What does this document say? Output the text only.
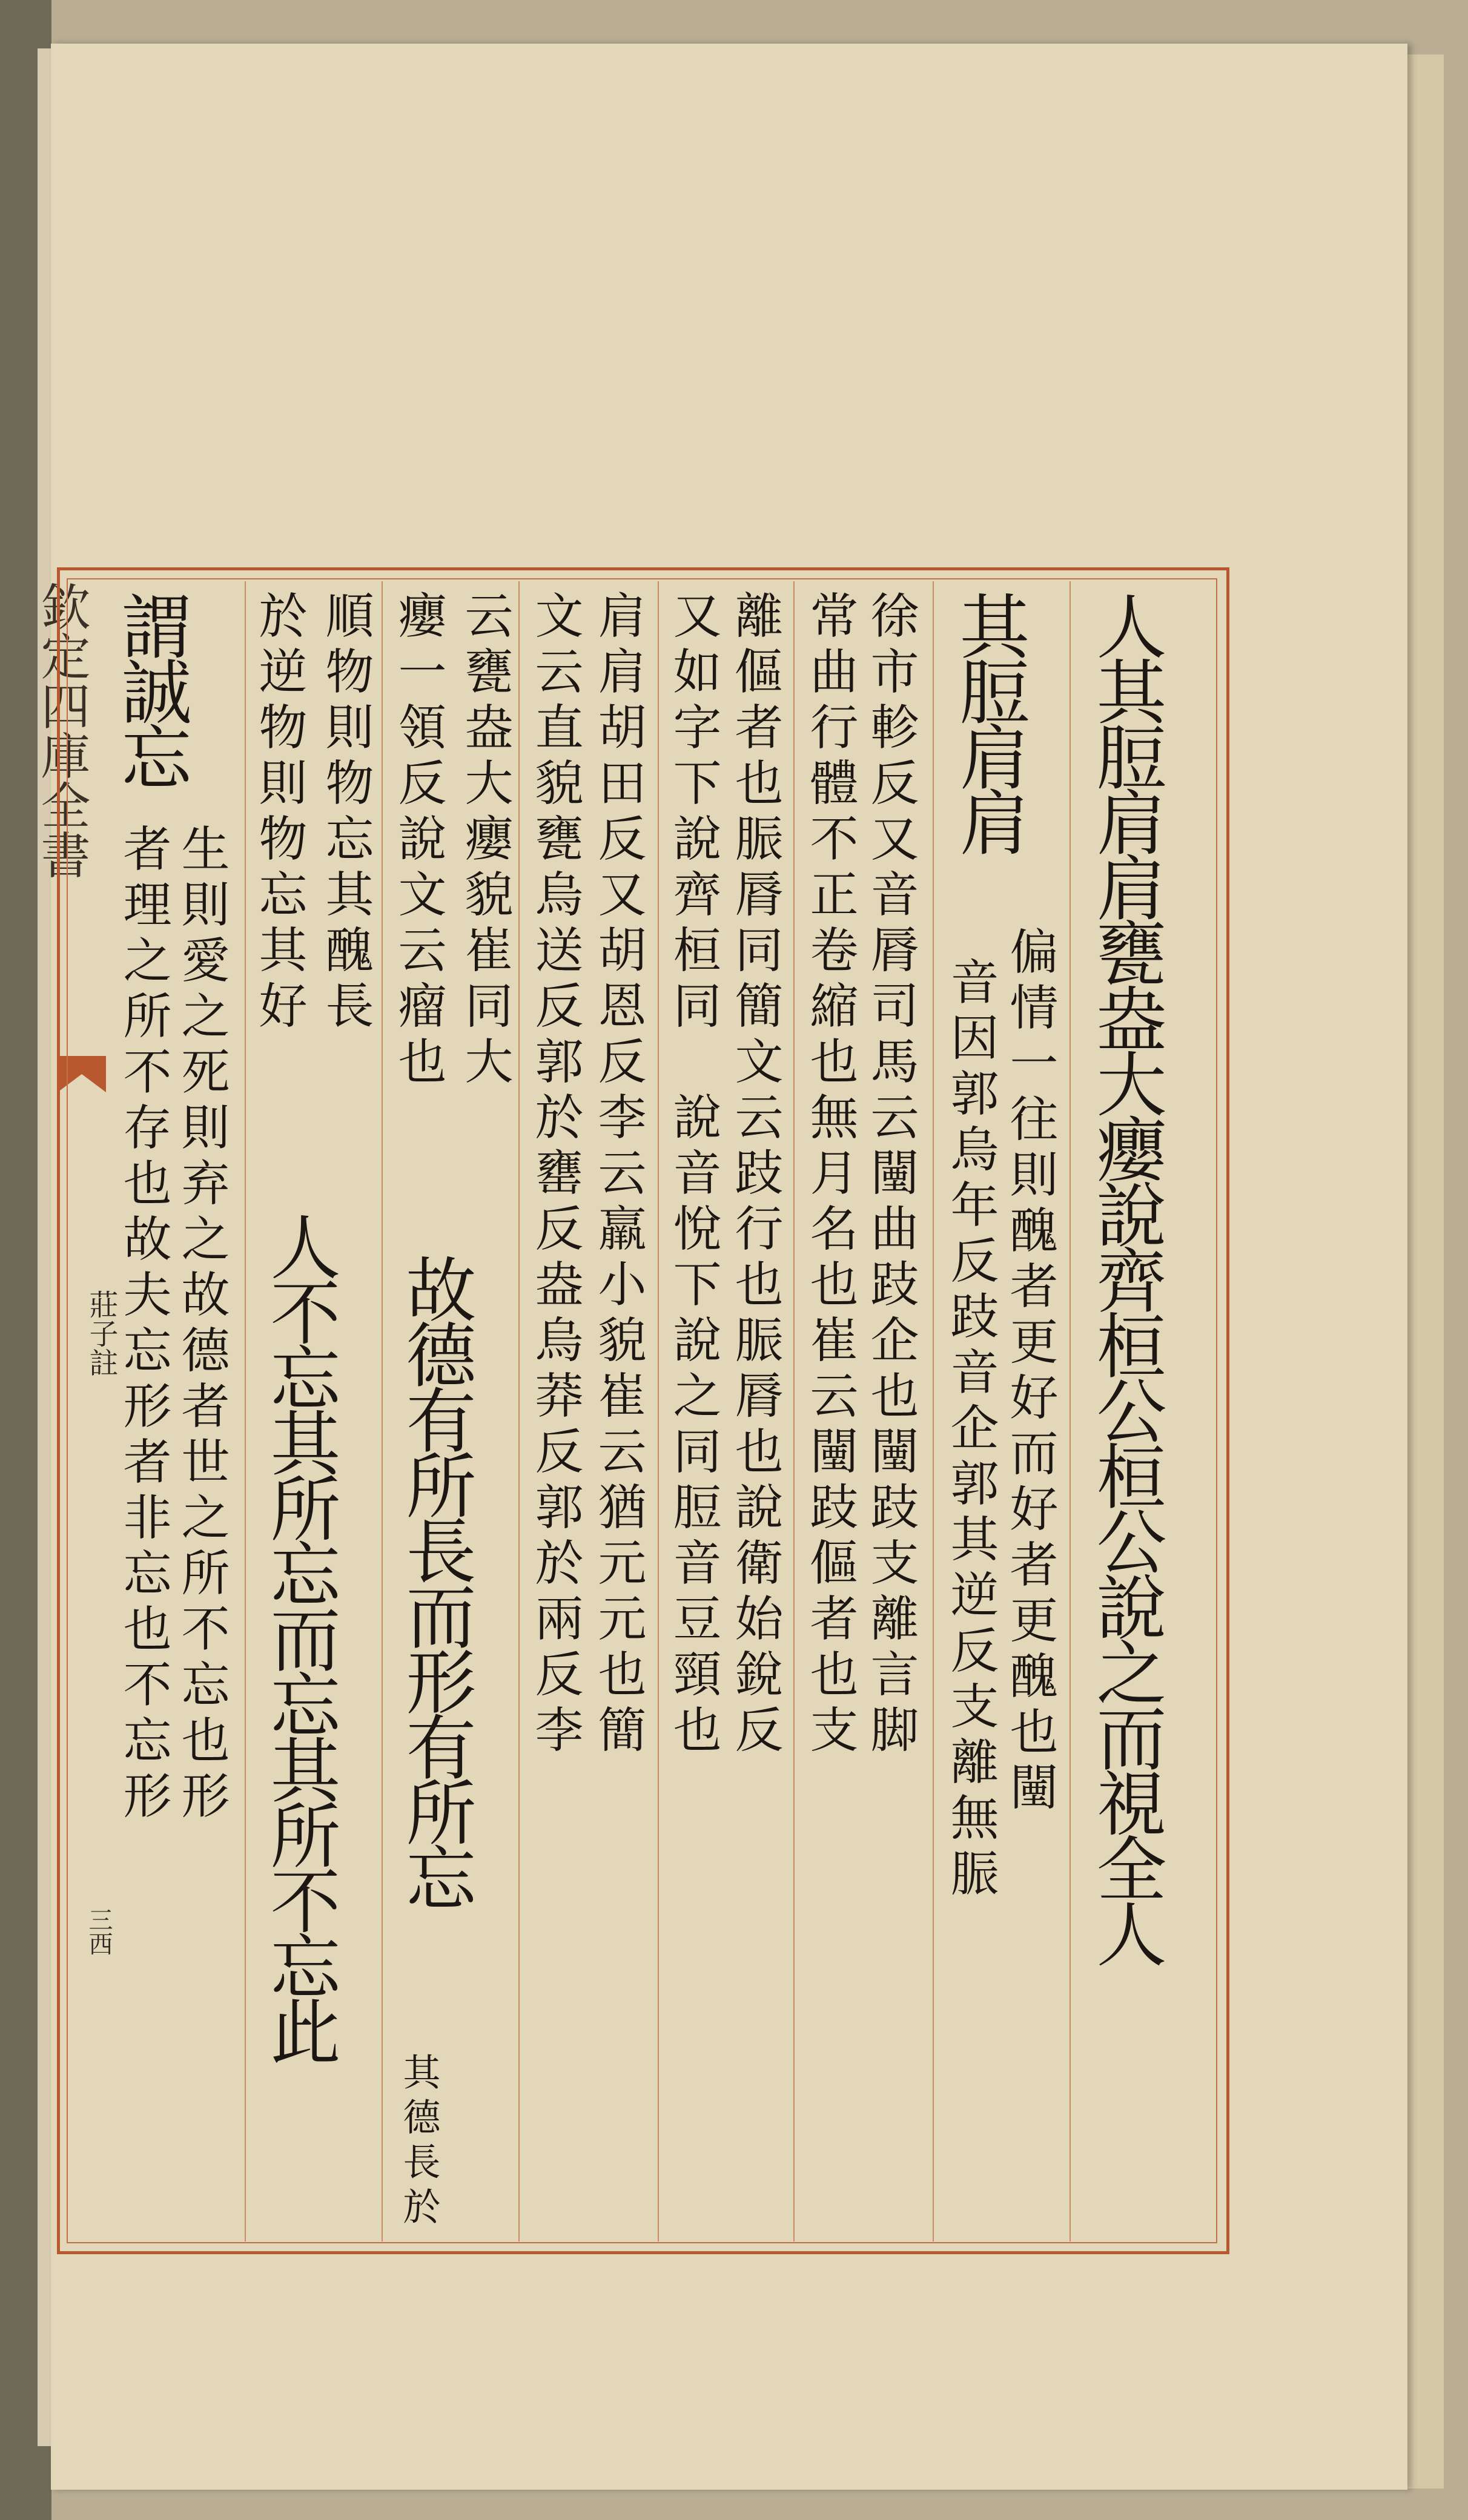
欽定四庫全書
莊子註
三西	人其脰肩肩甕盎大癭說齊桓公桓公說之而視全人
其脰肩肩
偏情一往則醜者更好而好者更醜也闉
音因郭烏年反跂音企郭其逆反支離無脤
徐市軫反又音脣司馬云闉曲跂企也闉跂支離言脚
常曲行體不正卷縮也無月名也崔云闉跂傴者也支
離傴者也脤脣同簡文云跂行也脤脣也說衛始銳反
又如字下說齊桓同　說音悅下說之同脰音豆頸也
肩肩胡田反又胡恩反李云羸小貌崔云猶元元也簡
文云直貌甕烏送反郭於罋反盎烏莽反郭於兩反李
云甕盎大癭貌崔同大
癭一領反說文云瘤也
故德有所長而形有所忘
其德長於
順物則物忘其醜長
於逆物則物忘其好
人不忘其所忘而忘其所不忘此
謂誠忘
生則愛之死則弃之故德者世之所不忘也形
者理之所不存也故夫忘形者非忘也不忘形
